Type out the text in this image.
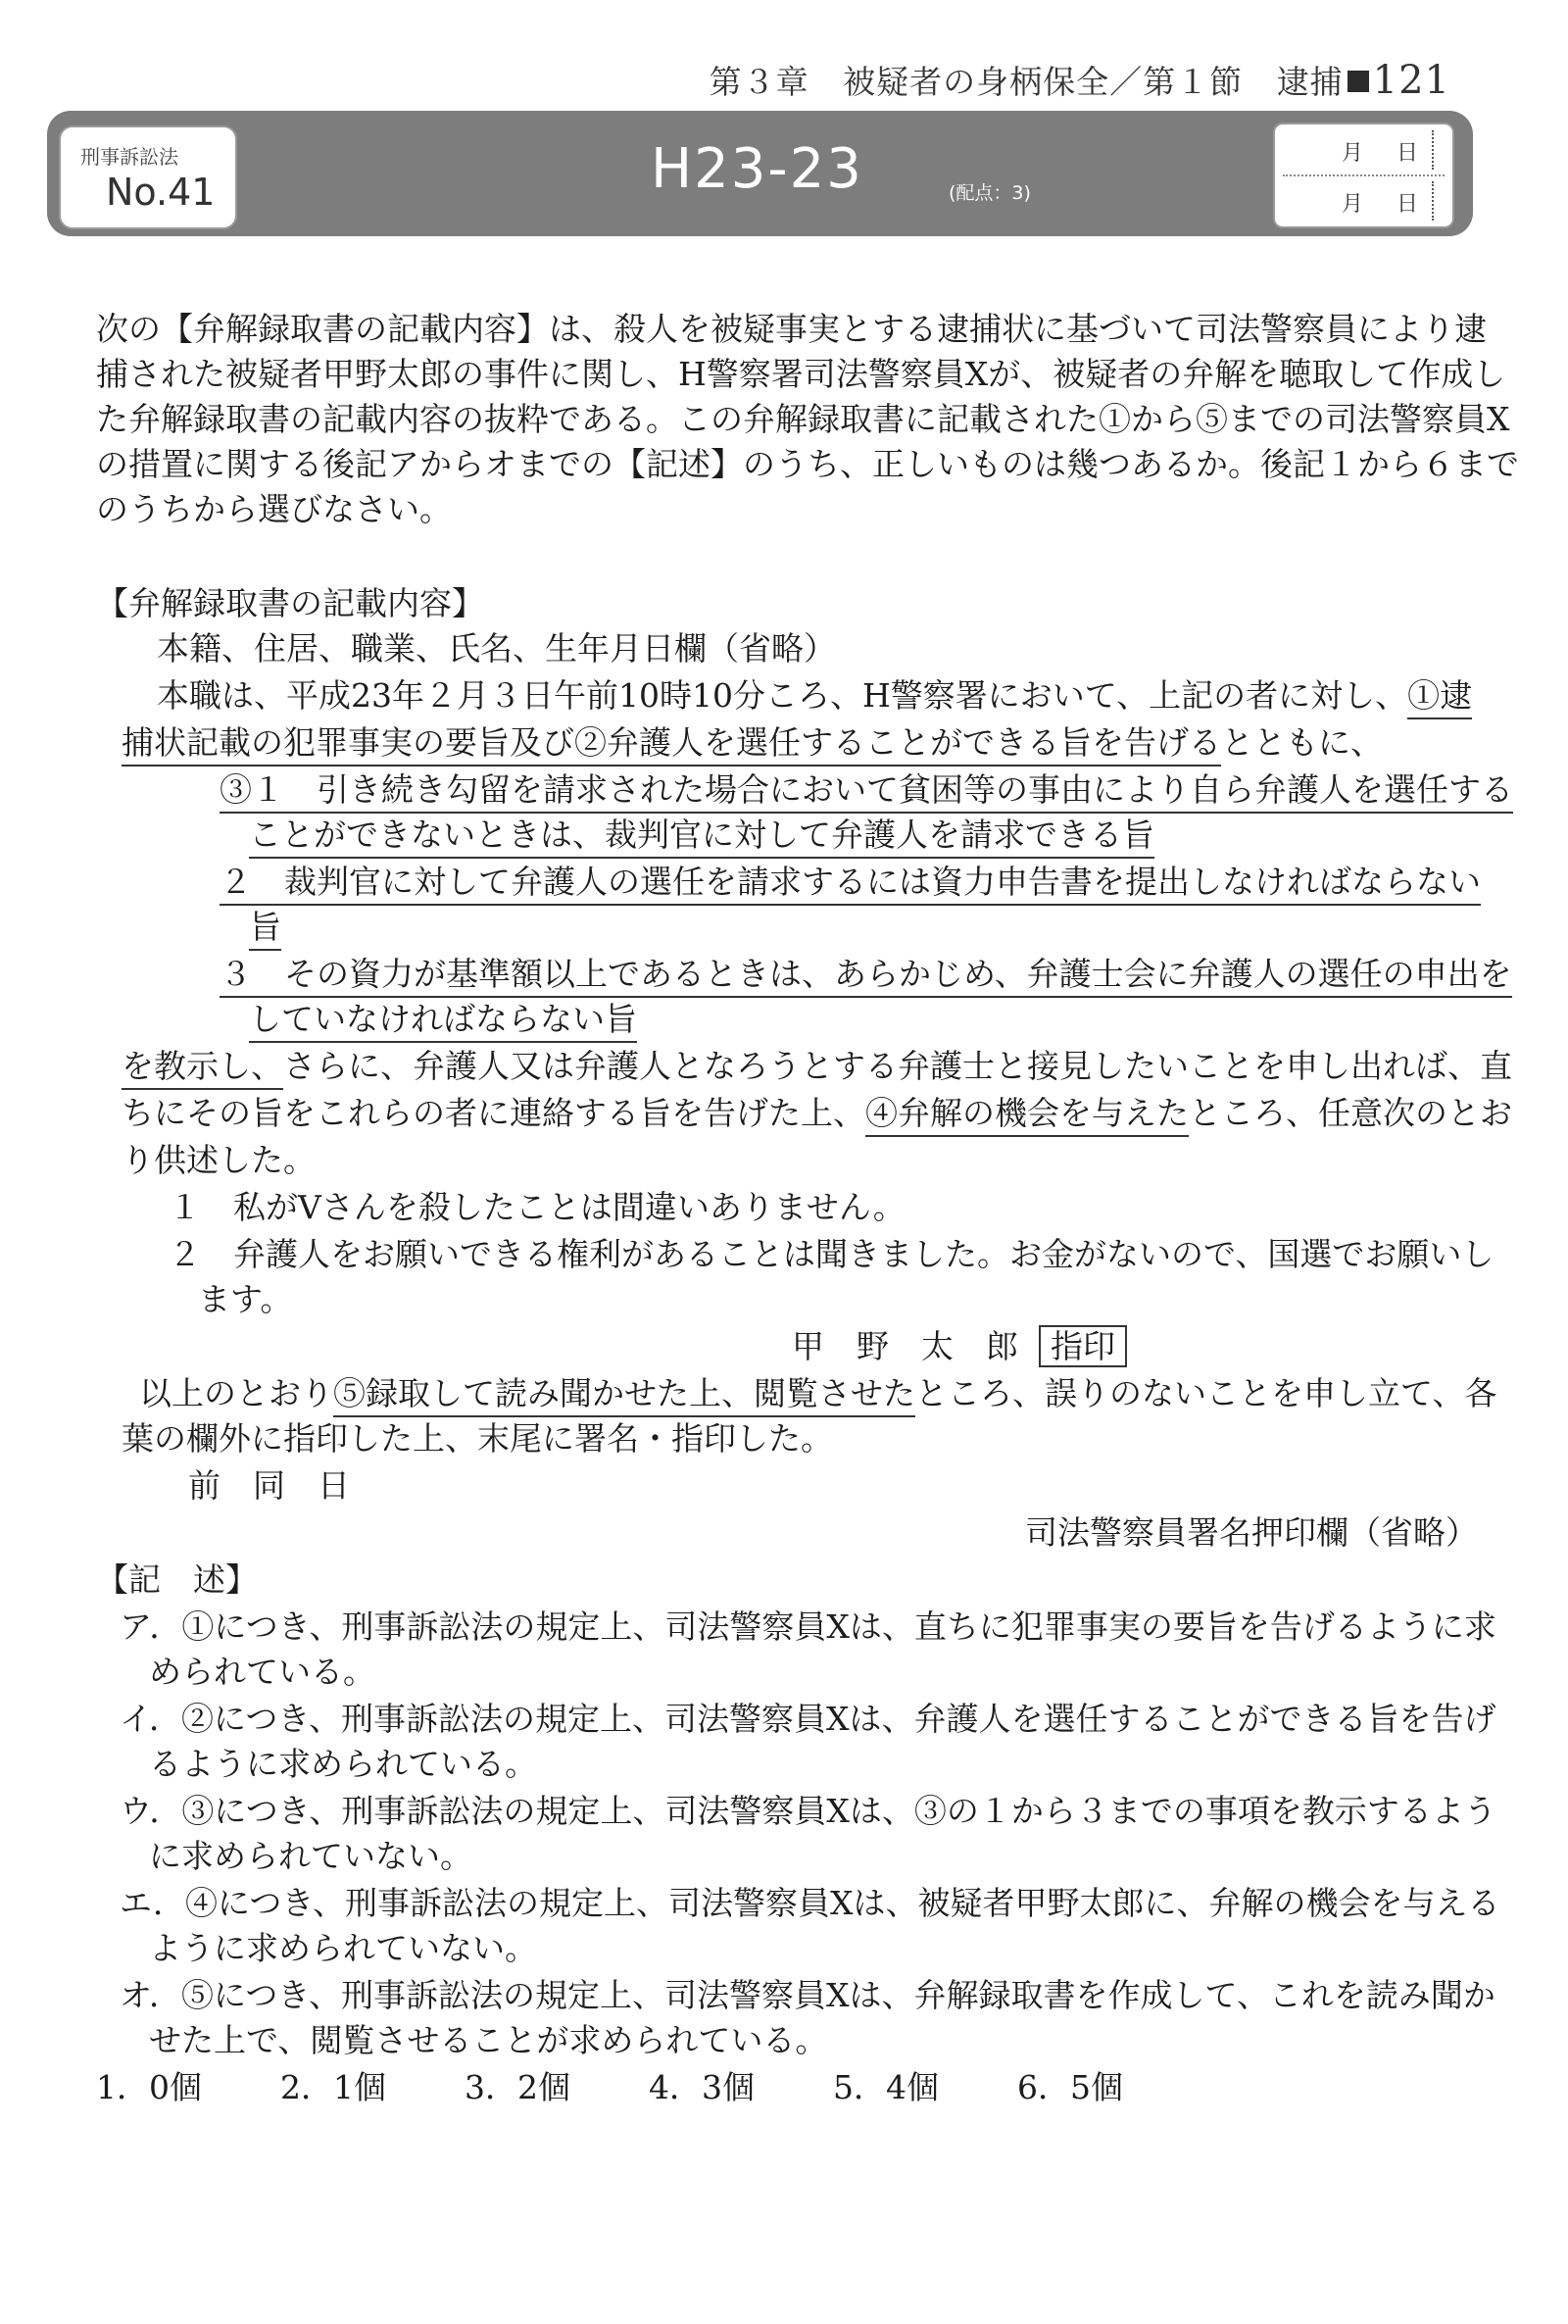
第３章 被疑者の身柄保全／第１節 逮捕 121
刑事訴訟法
No.41	H23-23	(配点：3)
月 日
月 日
次の【弁解録取書の記載内容】は、殺人を被疑事実とする逮捕状に基づいて司法警察員により逮
捕された被疑者甲野太郎の事件に関し、H警察署司法警察員Xが、被疑者の弁解を聴取して作成し
た弁解録取書の記載内容の抜粋である。この弁解録取書に記載された①から⑤までの司法警察員X
の措置に関する後記アからオまでの【記述】のうち、正しいものは幾つあるか。後記１から６まで
のうちから選びなさい。
【弁解録取書の記載内容】
本籍、住居、職業、氏名、生年月日欄（省略）
本職は、平成23年２月３日午前10時10分ころ、H警察署において、上記の者に対し、①逮
捕状記載の犯罪事実の要旨及び②弁護人を選任することができる旨を告げるとともに、
③１　引き続き勾留を請求された場合において貧困等の事由により自ら弁護人を選任する
ことができないときは、裁判官に対して弁護人を請求できる旨
２　裁判官に対して弁護人の選任を請求するには資力申告書を提出しなければならない
旨
３　その資力が基準額以上であるときは、あらかじめ、弁護士会に弁護人の選任の申出を
していなければならない旨
を教示し、さらに、弁護人又は弁護人となろうとする弁護士と接見したいことを申し出れば、直
ちにその旨をこれらの者に連絡する旨を告げた上、④弁解の機会を与えたところ、任意次のとお
り供述した。
１　私がVさんを殺したことは間違いありません。
２　弁護人をお願いできる権利があることは聞きました。お金がないので、国選でお願いし
ます。
甲　野　太　郎 指印
以上のとおり⑤録取して読み聞かせた上、閲覧させたところ、誤りのないことを申し立て、各
葉の欄外に指印した上、末尾に署名・指印した。
前　同　日
司法警察員署名押印欄（省略）
【記　述】
ア．①につき、刑事訴訟法の規定上、司法警察員Xは、直ちに犯罪事実の要旨を告げるように求
められている。
イ．②につき、刑事訴訟法の規定上、司法警察員Xは、弁護人を選任することができる旨を告げ
るように求められている。
ウ．③につき、刑事訴訟法の規定上、司法警察員Xは、③の１から３までの事項を教示するよう
に求められていない。
エ．④につき、刑事訴訟法の規定上、司法警察員Xは、被疑者甲野太郎に、弁解の機会を与える
ように求められていない。
オ．⑤につき、刑事訴訟法の規定上、司法警察員Xは、弁解録取書を作成して、これを読み聞か
せた上で、閲覧させることが求められている。
1．0個 2．1個 3．2個 4．3個 5．4個 6．5個
